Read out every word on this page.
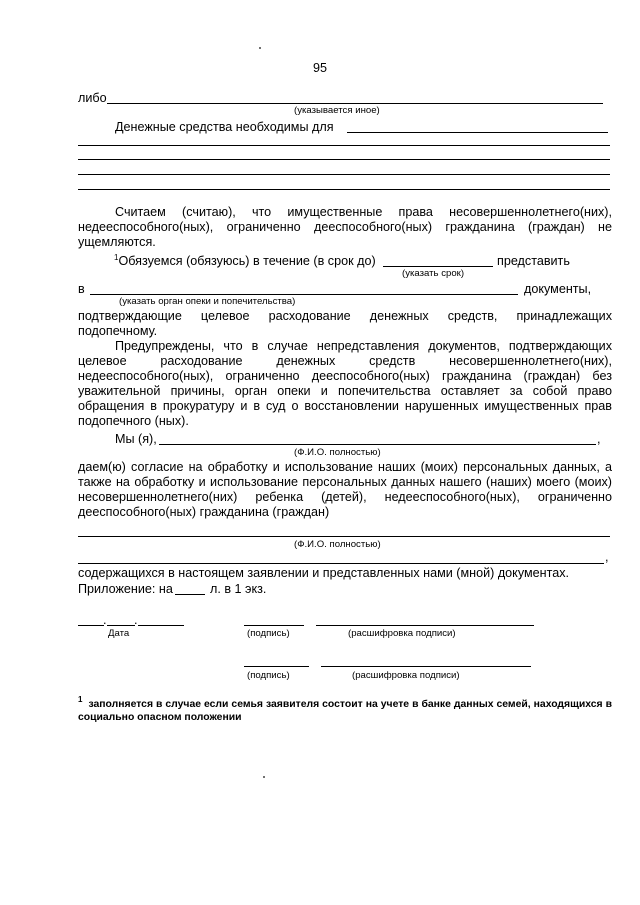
95
либо
(указывается иное)
Денежные средства необходимы для
Считаем (считаю), что имущественные права несовершеннолетнего(них), недееспособного(ных), ограниченно дееспособного(ных) гражданина (граждан) не ущемляются.
$^1$Обязуемся (обязуюсь) в течение (в срок до)	представить
(указать срок)
в	документы,
(указать орган опеки и попечительства)
подтверждающие целевое расходование денежных средств, принадлежащих подопечному.
Предупреждены, что в случае непредставления документов, подтверждающих целевое расходование денежных средств несовершеннолетнего(них), недееспособного(ных), ограниченно дееспособного(ных) гражданина (граждан) без уважительной причины, орган опеки и попечительства оставляет за собой право обращения в прокуратуру и в суд о восстановлении нарушенных имущественных прав подопечного (ных).
Мы (я),	,
(Ф.И.О. полностью)
даем(ю) согласие на обработку и использование наших (моих) персональных данных, а также на обработку и использование персональных данных нашего (наших) моего (моих) несовершеннолетнего(них) ребенка (детей), недееспособного(ных), ограниченно дееспособного(ных) гражданина (граждан)
(Ф.И.О. полностью)
,
содержащихся в настоящем заявлении и представленных нами (мной) документах.
Приложение: на	л. в 1 экз.
. .
Дата	(подпись)	(расшифровка подписи)
(подпись)	(расшифровка подписи)
$^1$ заполняется в случае если семья заявителя состоит на учете в банке данных семей, находящихся в социально опасном положении
